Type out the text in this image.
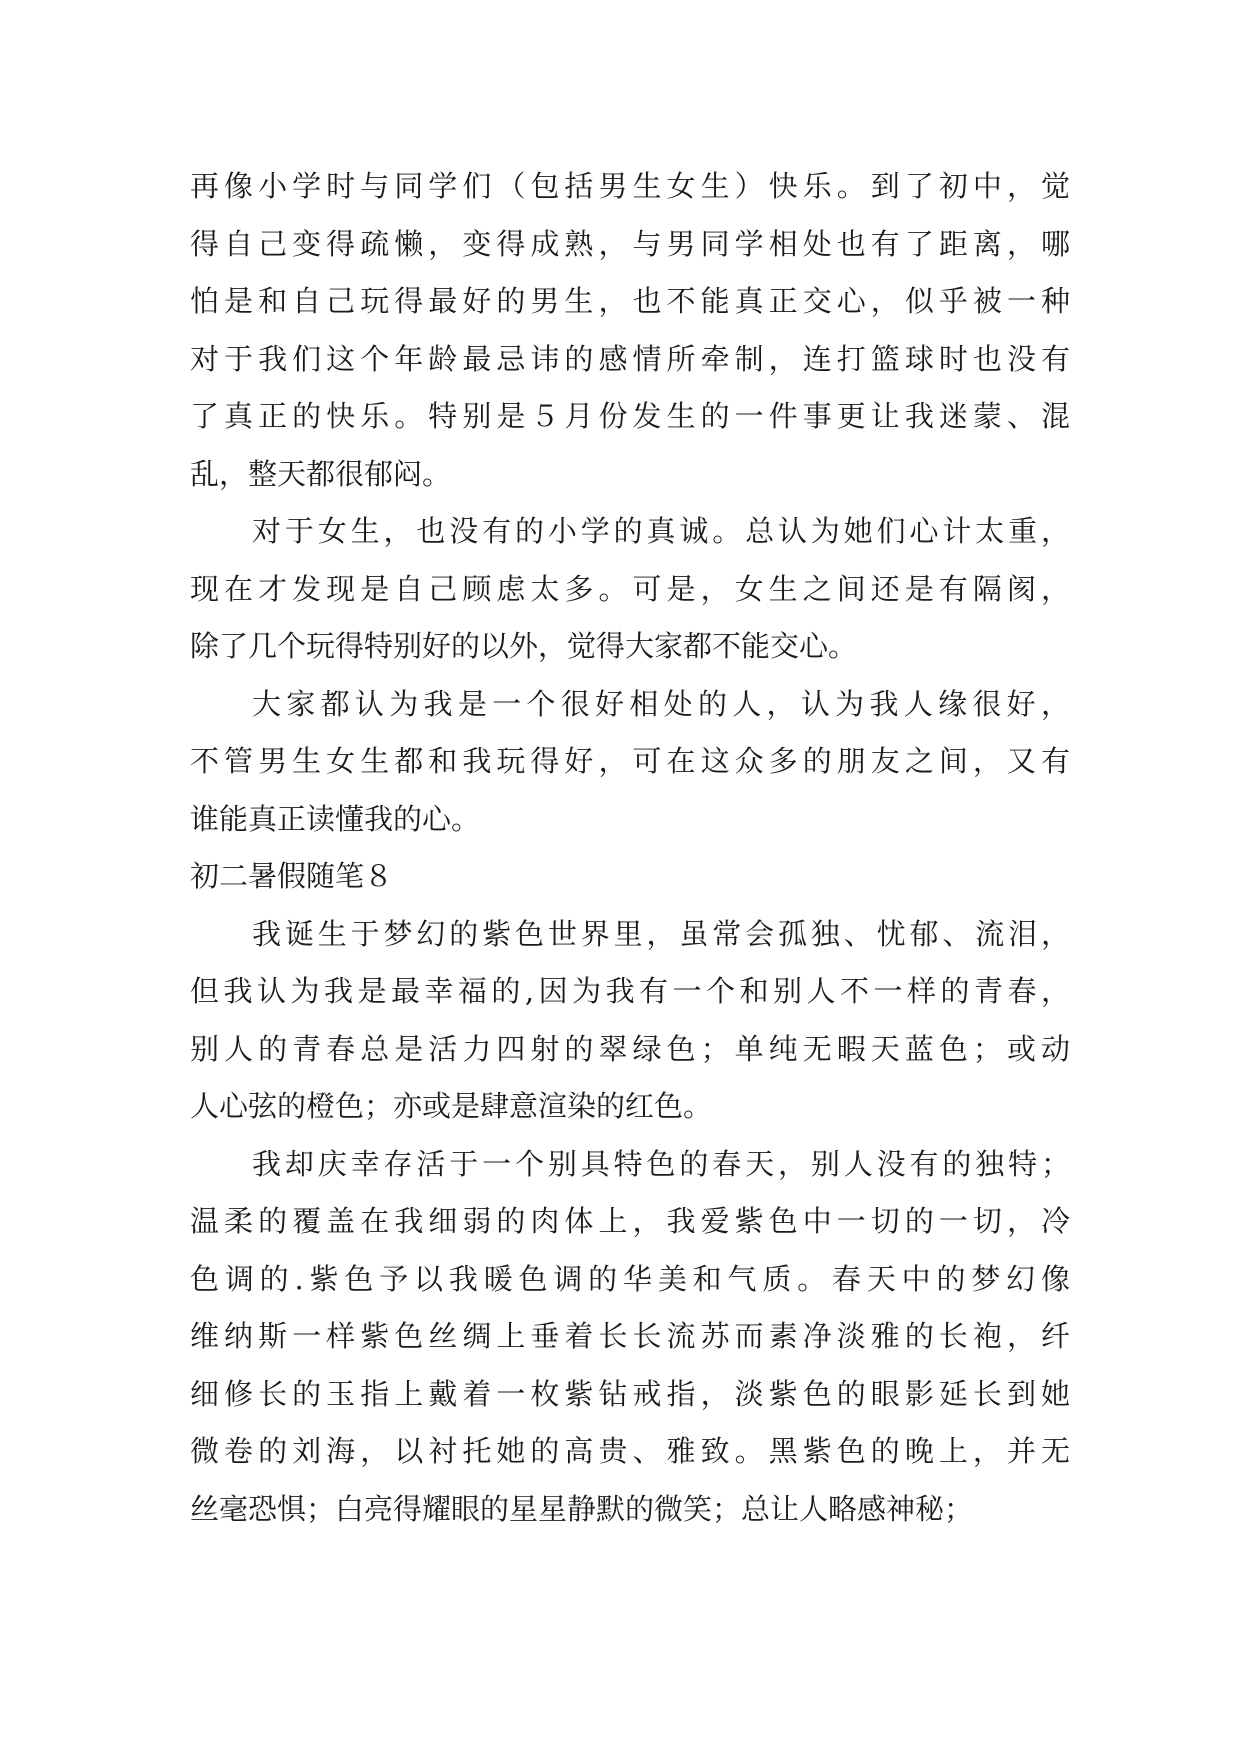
再像小学时与同学们（包括男生女生）快乐。到了初中，觉
得自己变得疏懒，变得成熟，与男同学相处也有了距离，哪
怕是和自己玩得最好的男生，也不能真正交心，似乎被一种
对于我们这个年龄最忌讳的感情所牵制，连打篮球时也没有
了真正的快乐。特别是５月份发生的一件事更让我迷蒙、混
乱，整天都很郁闷。
对于女生，也没有的小学的真诚。总认为她们心计太重，
现在才发现是自己顾虑太多。可是，女生之间还是有隔阂，
除了几个玩得特别好的以外，觉得大家都不能交心。
大家都认为我是一个很好相处的人，认为我人缘很好，
不管男生女生都和我玩得好，可在这众多的朋友之间，又有
谁能真正读懂我的心。
初二暑假随笔８
我诞生于梦幻的紫色世界里，虽常会孤独、忧郁、流泪，
但我认为我是最幸福的,因为我有一个和别人不一样的青春，
别人的青春总是活力四射的翠绿色；单纯无暇天蓝色；或动
人心弦的橙色；亦或是肆意渲染的红色。
我却庆幸存活于一个别具特色的春天，别人没有的独特；
温柔的覆盖在我细弱的肉体上，我爱紫色中一切的一切，冷
色调的.紫色予以我暖色调的华美和气质。春天中的梦幻像
维纳斯一样紫色丝绸上垂着长长流苏而素净淡雅的长袍，纤
细修长的玉指上戴着一枚紫钻戒指，淡紫色的眼影延长到她
微卷的刘海，以衬托她的高贵、雅致。黑紫色的晚上，并无
丝毫恐惧；白亮得耀眼的星星静默的微笑；总让人略感神秘；
